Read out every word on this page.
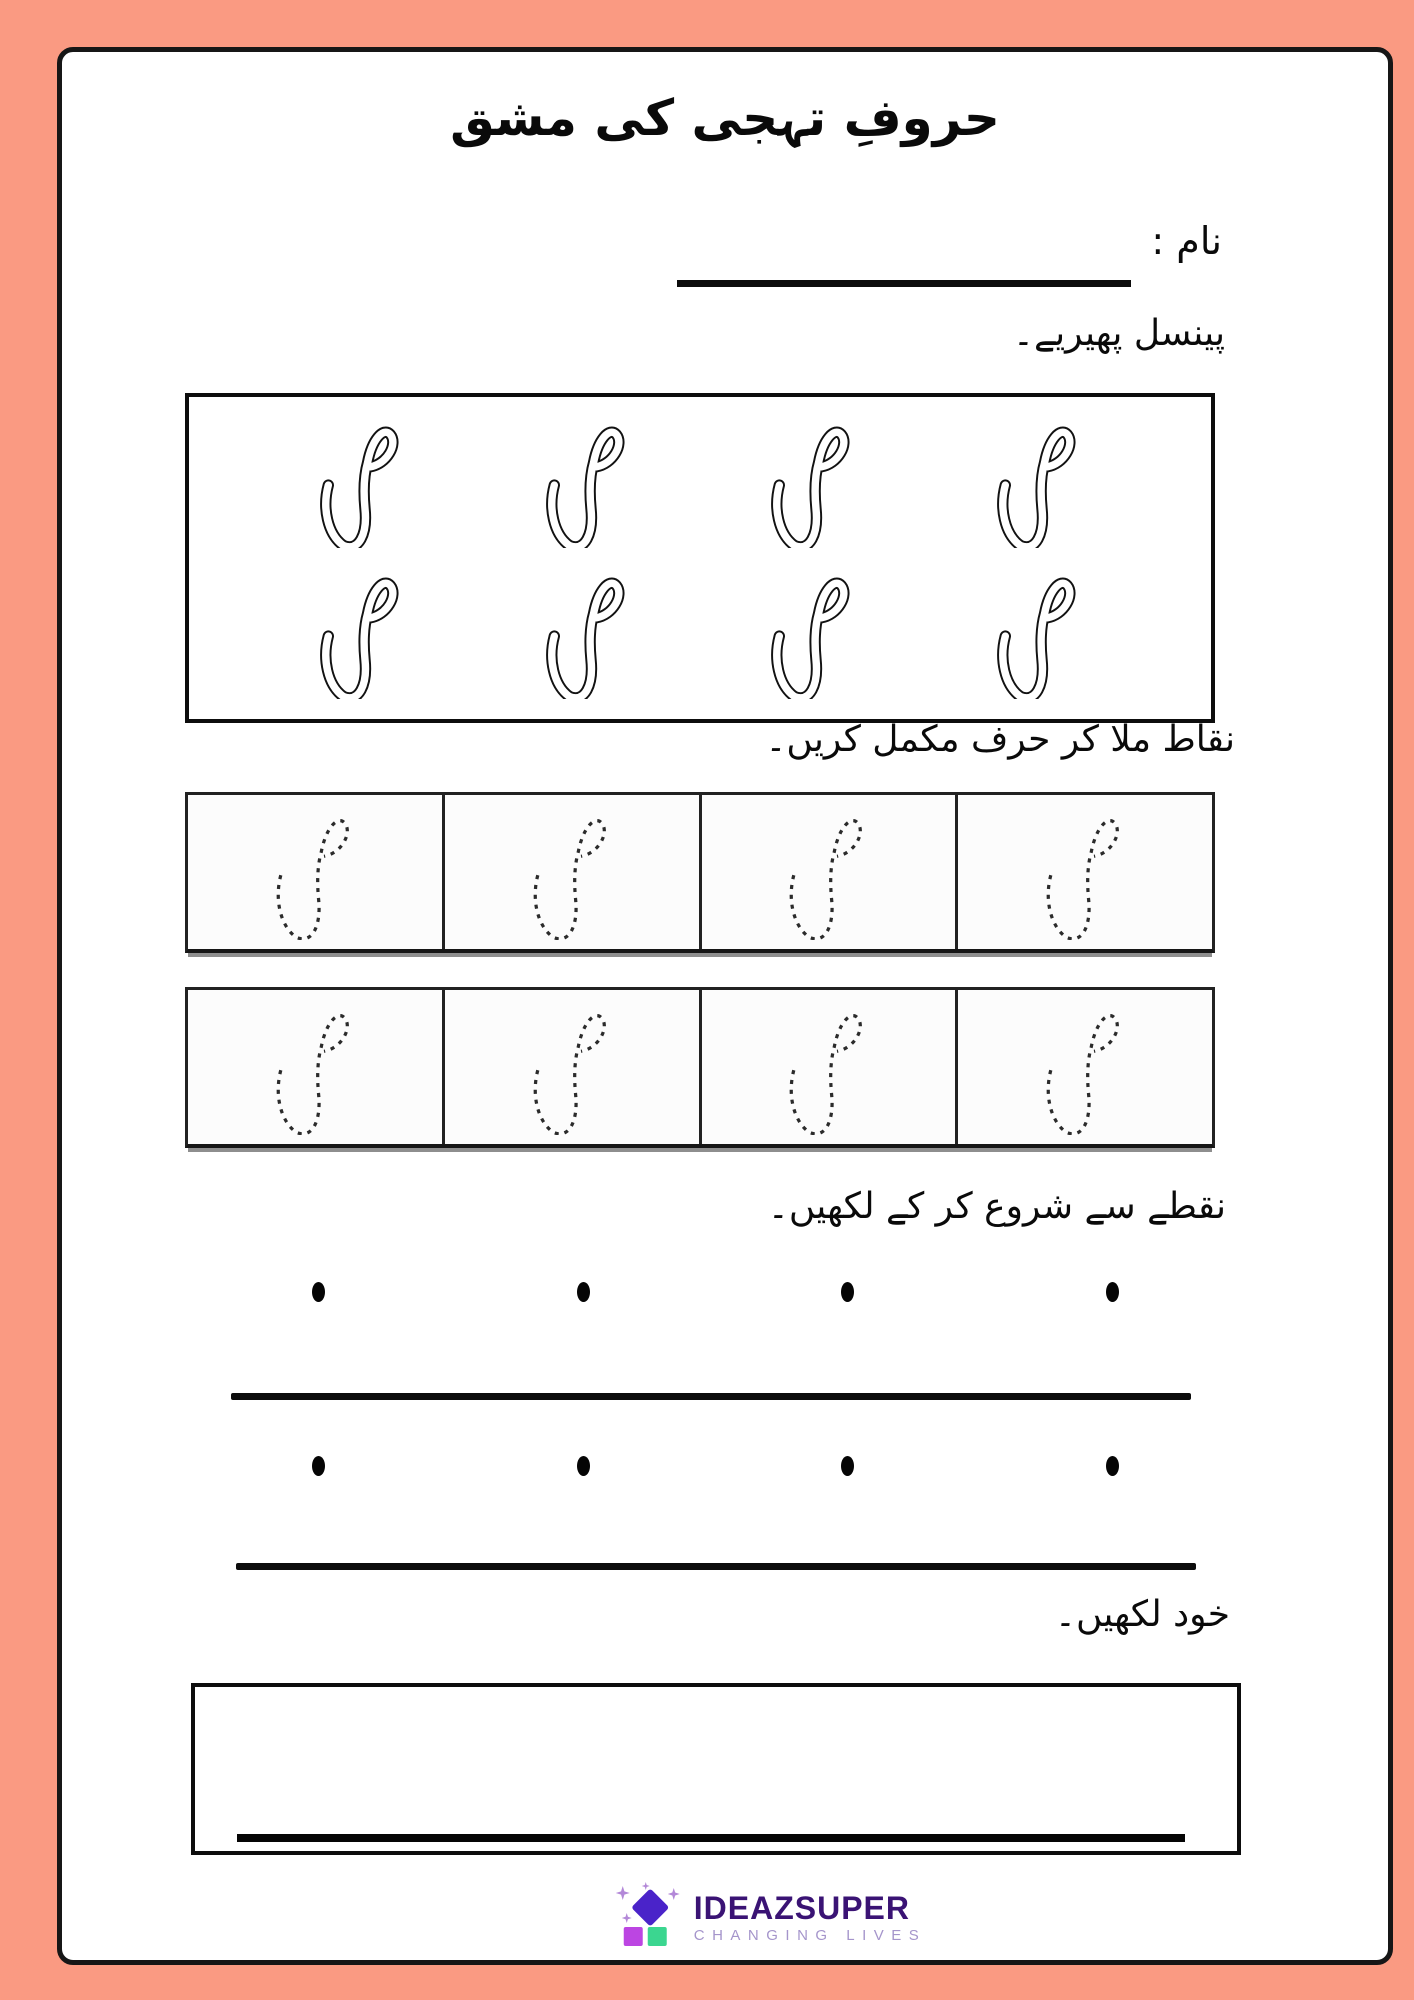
حروفِ تہجی کی مشق
نام :
پینسل پھیریے۔
نقاط ملا کر حرف مکمل کریں۔
نقطے سے شروع کر کے لکھیں۔
خود لکھیں۔
IDEAZSUPER
CHANGING LIVES
